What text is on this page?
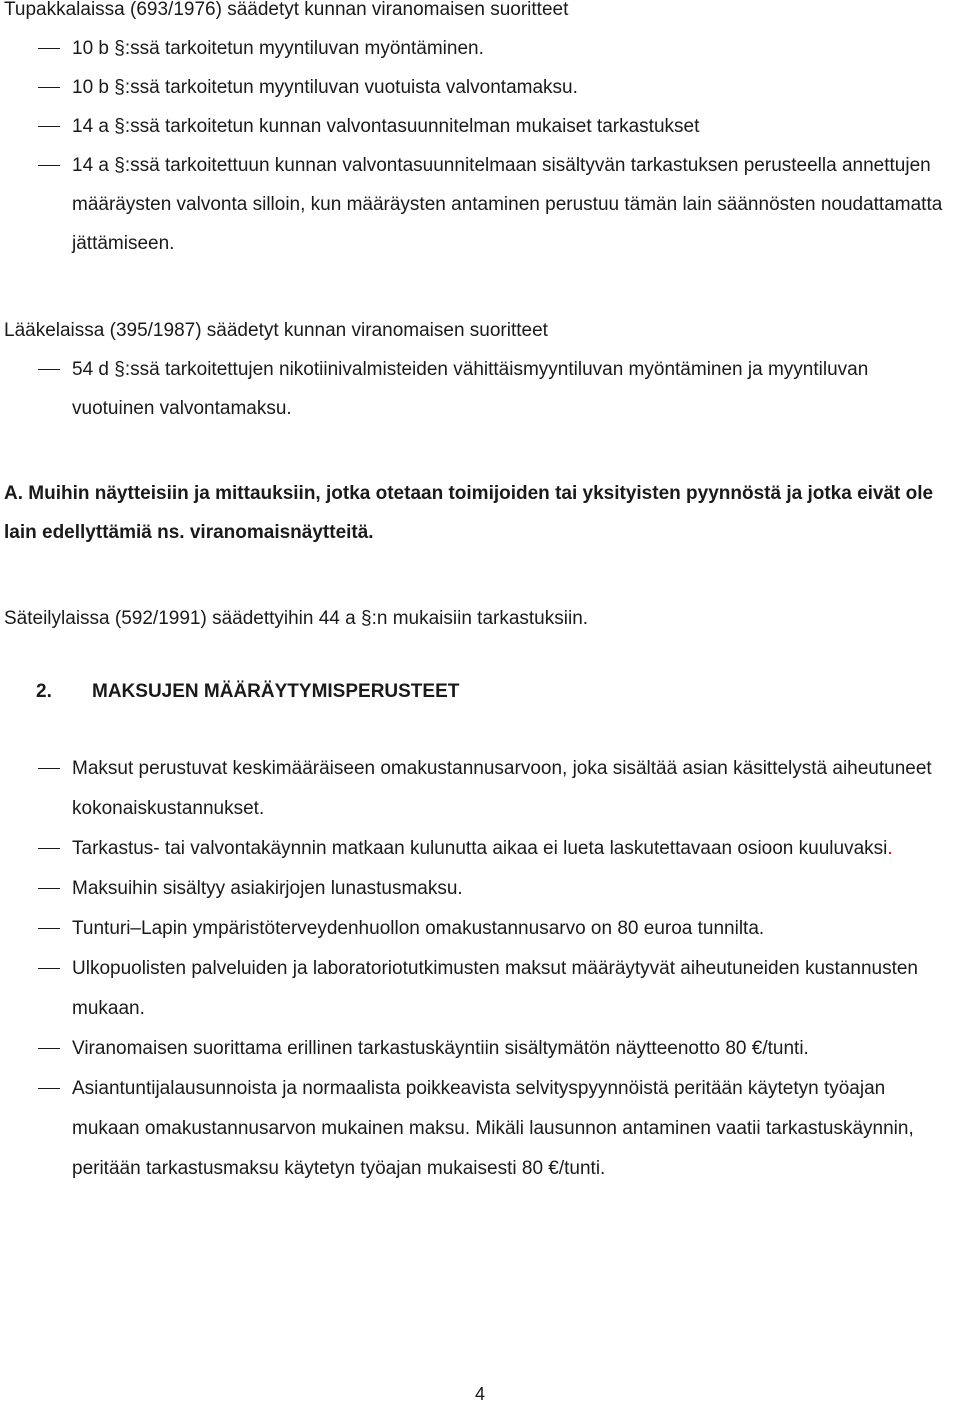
Tupakkalaissa (693/1976) säädetyt kunnan viranomaisen suoritteet

10 b §:ssä tarkoitetun myyntiluvan myöntäminen.
10 b §:ssä tarkoitetun myyntiluvan vuotuista valvontamaksu.
14 a §:ssä tarkoitetun kunnan valvontasuunnitelman mukaiset tarkastukset
14 a §:ssä tarkoitettuun kunnan valvontasuunnitelmaan sisältyvän tarkastuksen perusteella annettujen määräysten valvonta silloin, kun määräysten antaminen perustuu tämän lain säännösten noudattamatta jättämiseen.

Lääkelaissa (395/1987) säädetyt kunnan viranomaisen suoritteet

54 d §:ssä tarkoitettujen nikotiinivalmisteiden vähittäismyyntiluvan myöntäminen ja myyntiluvan vuotuinen valvontamaksu.

A. Muihin näytteisiin ja mittauksiin, jotka otetaan toimijoiden tai yksityisten pyynnöstä ja jotka eivät ole lain edellyttämiä ns. viranomaisnäytteitä.

Säteilylaissa (592/1991) säädettyihin 44 a §:n mukaisiin tarkastuksiin.

2. MAKSUJEN MÄÄRÄYTYMISPERUSTEET
Maksut perustuvat keskimääräiseen omakustannusarvoon, joka sisältää asian käsittelystä aiheutuneet kokonaiskustannukset.
Tarkastus- tai valvontakäynnin matkaan kulunutta aikaa ei lueta laskutettavaan osioon kuuluvaksi.
Maksuihin sisältyy asiakirjojen lunastusmaksu.
Tunturi–Lapin ympäristöterveydenhuollon omakustannusarvo on 80 euroa tunnilta.
Ulkopuolisten palveluiden ja laboratoriotutkimusten maksut määräytyvät aiheutuneiden kustannusten mukaan.
Viranomaisen suorittama erillinen tarkastuskäyntiin sisältymätön näytteenotto 80 €/tunti.
Asiantuntijalausunnoista ja normaalista poikkeavista selvityspyynnöistä peritään käytetyn työajan mukaan omakustannusarvon mukainen maksu. Mikäli lausunnon antaminen vaatii tarkastuskäynnin, peritään tarkastusmaksu käytetyn työajan mukaisesti 80 €/tunti.
4
